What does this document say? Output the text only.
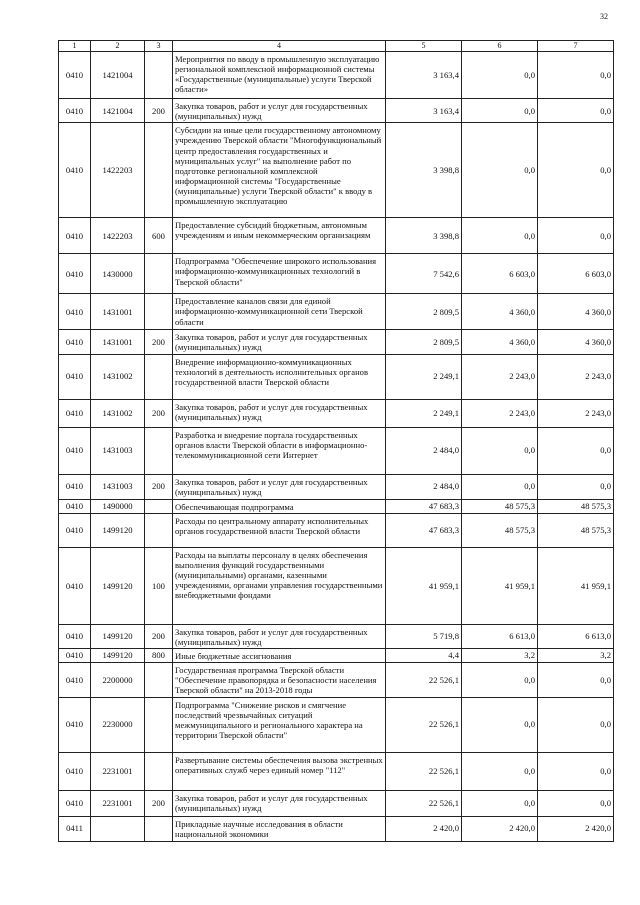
32
1	2	3	4	5	6	7
0410	1421004		Мероприятия по вводу в промышленную эксплуатацию региональной комплексной информационной системы «Государственные (муниципальные) услуги Тверской области»	3 163,4	0,0	0,0
0410	1421004	200	Закупка товаров, работ и услуг для государственных (муниципальных) нужд	3 163,4	0,0	0,0
0410	1422203		Субсидии на иные цели государственному автономному учреждению Тверской области "Многофункциональный центр предоставления государственных и муниципальных услуг" на выполнение работ по подготовке региональной комплексной информационной системы "Государственные (муниципальные) услуги Тверской области" к вводу в промышленную эксплуатацию	3 398,8	0,0	0,0
0410	1422203	600	Предоставление субсидий бюджетным, автономным учреждениям и иным некоммерческим организациям	3 398,8	0,0	0,0
0410	1430000		Подпрограмма "Обеспечение широкого использования информационно-коммуникационных технологий в Тверской области"	7 542,6	6 603,0	6 603,0
0410	1431001		Предоставление каналов связи для единой информационно-коммуникационной сети Тверской области	2 809,5	4 360,0	4 360,0
0410	1431001	200	Закупка товаров, работ и услуг для государственных (муниципальных) нужд	2 809,5	4 360,0	4 360,0
0410	1431002		Внедрение информационно-коммуникационных технологий в деятельность исполнительных органов государственной власти Тверской области	2 249,1	2 243,0	2 243,0
0410	1431002	200	Закупка товаров, работ и услуг для государственных (муниципальных) нужд	2 249,1	2 243,0	2 243,0
0410	1431003		Разработка и внедрение портала государственных органов власти Тверской области в информационно-телекоммуникационной сети Интернет	2 484,0	0,0	0,0
0410	1431003	200	Закупка товаров, работ и услуг для государственных (муниципальных) нужд	2 484,0	0,0	0,0
0410	1490000		Обеспечивающая подпрограмма	47 683,3	48 575,3	48 575,3
0410	1499120		Расходы по центральному аппарату исполнительных органов государственной власти Тверской области	47 683,3	48 575,3	48 575,3
0410	1499120	100	Расходы на выплаты персоналу в целях обеспечения выполнения функций государственными (муниципальными) органами, казенными учреждениями, органами управления государственными внебюджетными фондами	41 959,1	41 959,1	41 959,1
0410	1499120	200	Закупка товаров, работ и услуг для государственных (муниципальных) нужд	5 719,8	6 613,0	6 613,0
0410	1499120	800	Иные бюджетные ассигнования	4,4	3,2	3,2
0410	2200000		Государственная программа Тверской области "Обеспечение правопорядка и безопасности населения Тверской области" на 2013-2018 годы	22 526,1	0,0	0,0
0410	2230000		Подпрограмма "Снижение рисков и смягчение последствий чрезвычайных ситуаций межмуниципального и регионального характера на территории Тверской области"	22 526,1	0,0	0,0
0410	2231001		Развертывание системы обеспечения вызова экстренных оперативных служб через единый номер "112"	22 526,1	0,0	0,0
0410	2231001	200	Закупка товаров, работ и услуг для государственных (муниципальных) нужд	22 526,1	0,0	0,0
0411			Прикладные научные исследования в области национальной экономики	2 420,0	2 420,0	2 420,0
